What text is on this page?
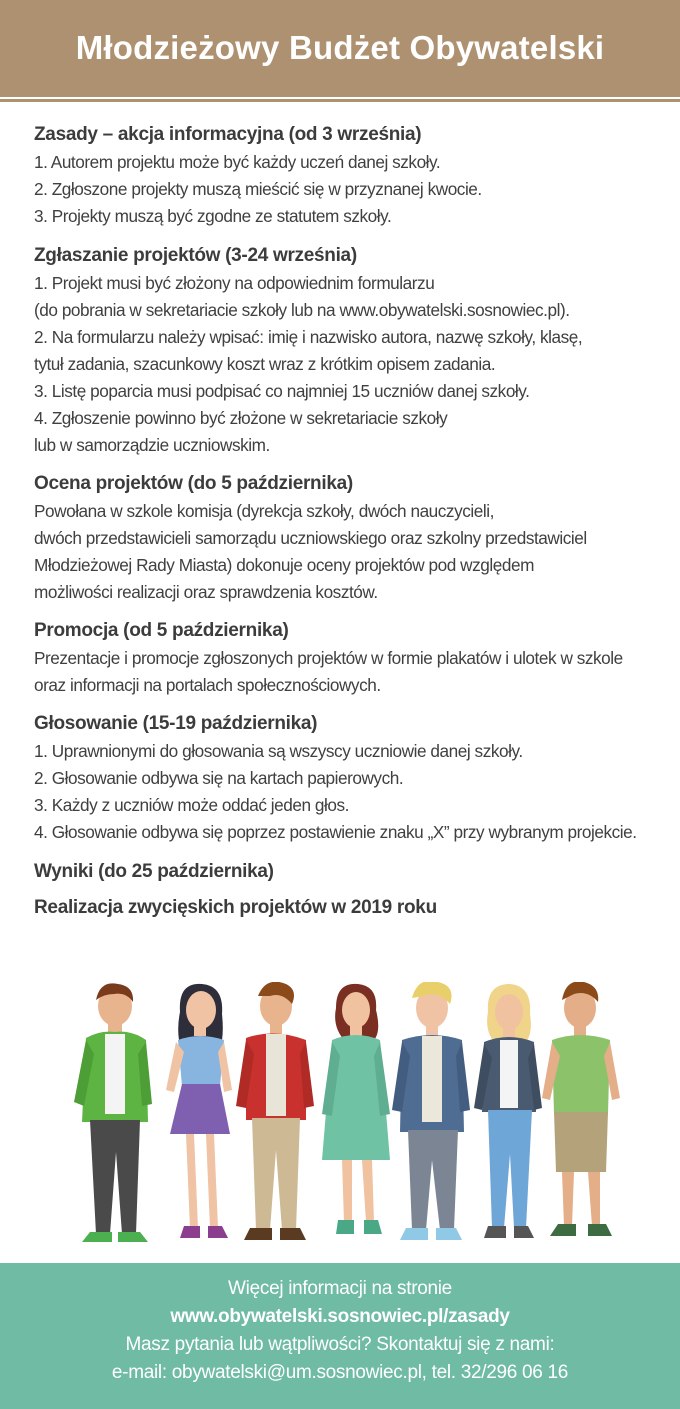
Młodzieżowy Budżet Obywatelski
Zasady – akcja informacyjna (od 3 września)
1. Autorem projektu może być każdy uczeń danej szkoły.
2. Zgłoszone projekty muszą mieścić się w przyznanej kwocie.
3. Projekty muszą być zgodne ze statutem szkoły.
Zgłaszanie projektów (3-24 września)
1. Projekt musi być złożony na odpowiednim formularzu
(do pobrania w sekretariacie szkoły lub na www.obywatelski.sosnowiec.pl).
2. Na formularzu należy wpisać: imię i nazwisko autora, nazwę szkoły, klasę,
tytuł zadania, szacunkowy koszt wraz z krótkim opisem zadania.
3. Listę poparcia musi podpisać co najmniej 15 uczniów danej szkoły.
4. Zgłoszenie powinno być złożone w sekretariacie szkoły
lub w samorządzie uczniowskim.
Ocena projektów (do 5 października)
Powołana w szkole komisja (dyrekcja szkoły, dwóch nauczycieli,
dwóch przedstawicieli samorządu uczniowskiego oraz szkolny przedstawiciel
Młodzieżowej Rady Miasta) dokonuje oceny projektów pod względem
możliwości realizacji oraz sprawdzenia kosztów.
Promocja (od 5 października)
Prezentacje i promocje zgłoszonych projektów w formie plakatów i ulotek w szkole
oraz informacji na portalach społecznościowych.
Głosowanie (15-19 października)
1. Uprawnionymi do głosowania są wszyscy uczniowie danej szkoły.
2. Głosowanie odbywa się na kartach papierowych.
3. Każdy z uczniów może oddać jeden głos.
4. Głosowanie odbywa się poprzez postawienie znaku „X” przy wybranym projekcie.
Wyniki (do 25 października)
Realizacja zwycięskich projektów w 2019 roku
Więcej informacji na stronie
www.obywatelski.sosnowiec.pl/zasady
Masz pytania lub wątpliwości? Skontaktuj się z nami:
e-mail: obywatelski@um.sosnowiec.pl, tel. 32/296 06 16
